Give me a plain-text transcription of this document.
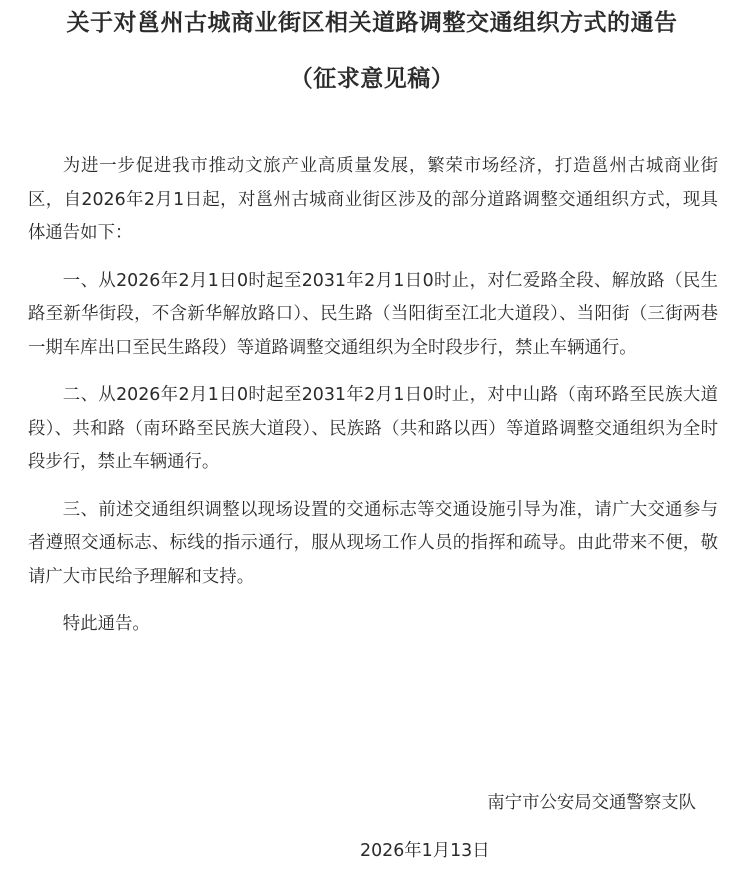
关于对邕州古城商业街区相关道路调整交通组织方式的通告
（征求意见稿）

为进一步促进我市推动文旅产业高质量发展，繁荣市场经济，打造邕州古城商业街区，自2026年2月1日起，对邕州古城商业街区涉及的部分道路调整交通组织方式，现具体通告如下：

一、从2026年2月1日0时起至2031年2月1日0时止，对仁爱路全段、解放路（民生路至新华街段，不含新华解放路口）、民生路（当阳街至江北大道段）、当阳街（三街两巷一期车库出口至民生路段）等道路调整交通组织为全时段步行，禁止车辆通行。

二、从2026年2月1日0时起至2031年2月1日0时止，对中山路（南环路至民族大道段）、共和路（南环路至民族大道段）、民族路（共和路以西）等道路调整交通组织为全时段步行，禁止车辆通行。

三、前述交通组织调整以现场设置的交通标志等交通设施引导为准，请广大交通参与者遵照交通标志、标线的指示通行，服从现场工作人员的指挥和疏导。由此带来不便，敬请广大市民给予理解和支持。

特此通告。

南宁市公安局交通警察支队
2026年1月13日
